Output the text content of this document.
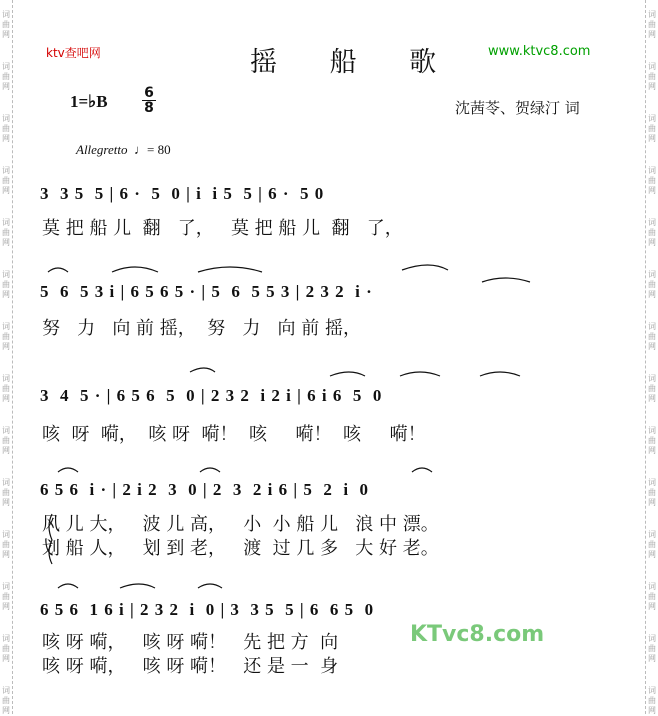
词
曲
网
词
曲
网
词
曲
网
词
曲
网
词
曲
网
词
曲
网
词
曲
网
词
曲
网
词
曲
网
词
曲
网
词
曲
网
词
曲
网
词
曲
网
词
曲
网
词
曲
网
词
曲
网
词
曲
网
词
曲
网
词
曲
网
词
曲
网
词
曲
网
词
曲
网
词
曲
网
词
曲
网
词
曲
网
词
曲
网
词
曲
网
词
曲
网
ktv查吧网	www.ktvc8.com
摇 船 歌
1=♭B	6
8	沈茜苓、贺绿汀 词
Allegretto ♩= 80
3  3 5  5 | 6 ·  5  0 | i  i 5  5 | 6 ·  5 0
莫 把 船 儿  翻   了，   莫 把 船 儿  翻   了，
5  6  5 3 i | 6 5 6 5 · | 5  6  5 5 3 | 2 3 2  i ·
努   力   向 前 摇，  努   力   向 前 摇，
3  4  5 · | 6 5 6  5  0 | 2 3 2  i 2 i | 6 i 6  5  0
咳  呀  嗬，  咳 呀  嗬！  咳     嗬！  咳     嗬！
6 5 6  i · | 2 i 2  3  0 | 2  3  2 i 6 | 5  2  i  0
风 儿 大，   波 儿 高，   小  小 船 儿   浪 中 漂。
划 船 人，   划 到 老，   渡  过 几 多   大 好 老。
6 5 6  1 6 i | 2 3 2  i  0 | 3  3 5  5 | 6  6 5  0
咳 呀 嗬，   咳 呀 嗬！   先 把 方  向
咳 呀 嗬，   咳 呀 嗬！   还 是 一  身
KTvc8.com
